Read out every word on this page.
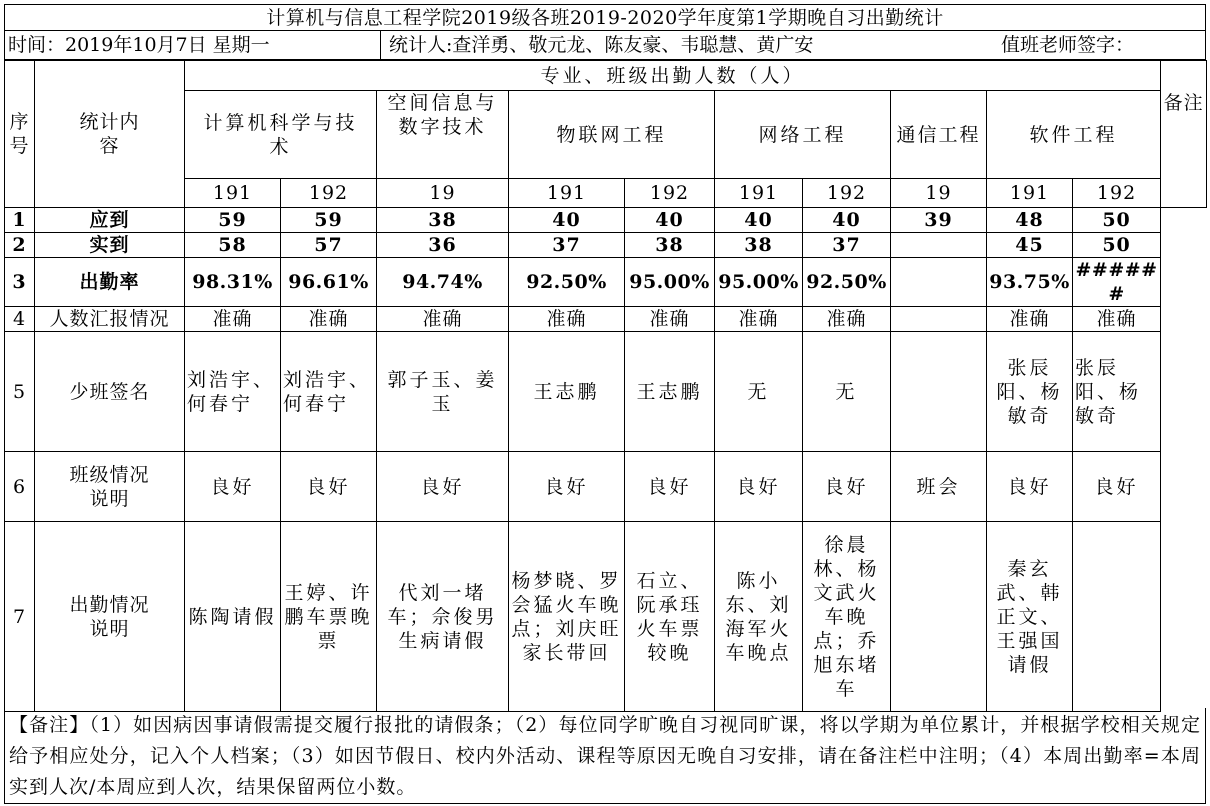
计算机与信息工程学院2019级各班2019-2020学年度第1学期晚自习出勤统计
时间：2019年10月7日 星期一	统计人:查洋勇、敬元龙、陈友豪、韦聪慧、黄广安	值班老师签字：
序号	统计内容	专业、班级出勤人数（人）										备注
		计算机科学与技术		空间信息与数字技术	物联网工程		网络工程		通信工程	软件工程		
		191	192	19	191	192	191	192	19	191	192	
1	应到	59	59	38	40	40	40	40	39	48	50	
2	实到	58	57	36	37	38	38	37		45	50	
3	出勤率	98.31%	96.61%	94.74%	92.50%	95.00%	95.00%	92.50%		93.75%	######	
4	人数汇报情况	准确	准确	准确	准确	准确	准确	准确		准确	准确	
5	少班签名	刘浩宇、何春宁	刘浩宇、何春宁	郭子玉、姜玉	王志鹏	王志鹏	无	无		张辰阳、杨敏奇	张辰阳、杨敏奇	
6	班级情况说明	良好	良好	良好	良好	良好	良好	良好	班会	良好	良好	
7	出勤情况说明	陈陶请假	王婷、许鹏车票晚票	代刘一堵车；佘俊男生病请假	杨梦晓、罗会猛火车晚点；刘庆旺家长带回	石立、阮承珏火车票较晚	陈小东、刘海军火车晚点	徐晨林、杨文武火车晚点；乔旭东堵车		秦玄武、韩正文、王强国请假		
【备注】（1）如因病因事请假需提交履行报批的请假条；（2）每位同学旷晚自习视同旷课，将以学期为单位累计，并根据学校相关规定给予相应处分，记入个人档案；（3）如因节假日、校内外活动、课程等原因无晚自习安排，请在备注栏中注明；（4）本周出勤率=本周实到人次/本周应到人次，结果保留两位小数。
